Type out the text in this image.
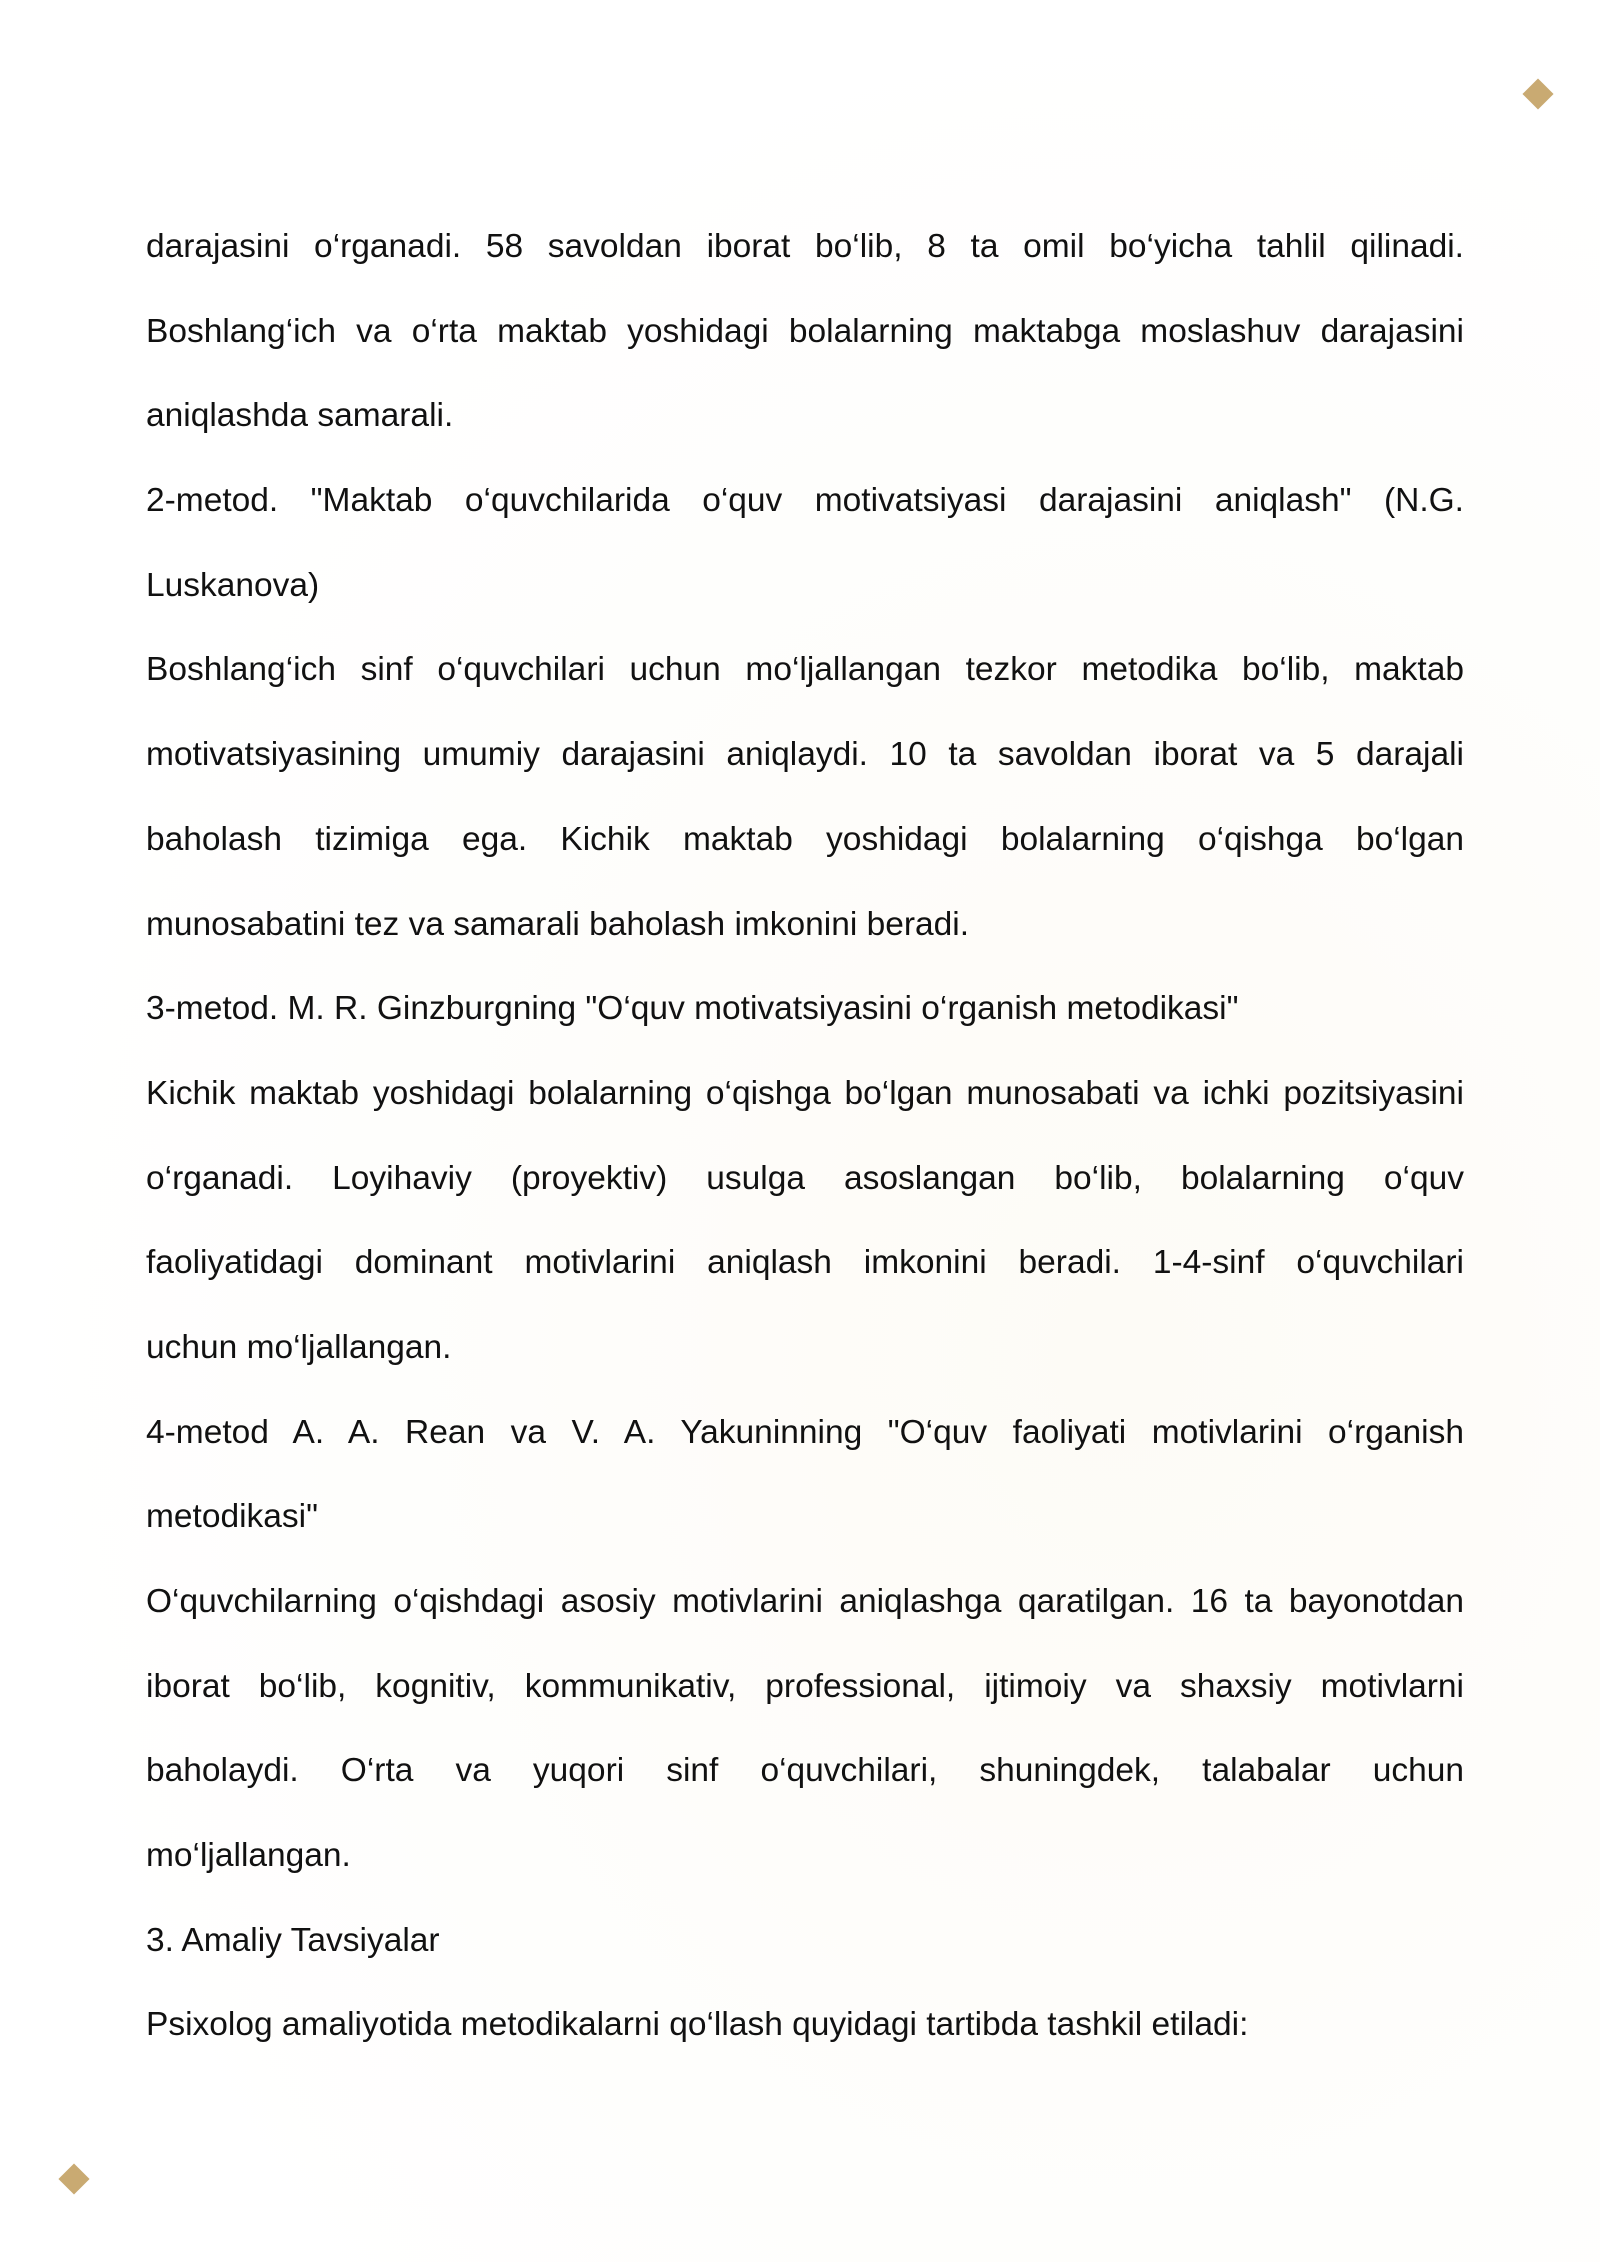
darajasini o‘rganadi. 58 savoldan iborat bo‘lib, 8 ta omil bo‘yicha tahlil qilinadi.
Boshlang‘ich va o‘rta maktab yoshidagi bolalarning maktabga moslashuv darajasini
aniqlashda samarali.
2-metod. "Maktab o‘quvchilarida o‘quv motivatsiyasi darajasini aniqlash" (N.G.
Luskanova)
Boshlang‘ich sinf o‘quvchilari uchun mo‘ljallangan tezkor metodika bo‘lib, maktab
motivatsiyasining umumiy darajasini aniqlaydi. 10 ta savoldan iborat va 5 darajali
baholash tizimiga ega. Kichik maktab yoshidagi bolalarning o‘qishga bo‘lgan
munosabatini tez va samarali baholash imkonini beradi.
3-metod. M. R. Ginzburgning "O‘quv motivatsiyasini o‘rganish metodikasi"
Kichik maktab yoshidagi bolalarning o‘qishga bo‘lgan munosabati va ichki pozitsiyasini
o‘rganadi. Loyihaviy (proyektiv) usulga asoslangan bo‘lib, bolalarning o‘quv
faoliyatidagi dominant motivlarini aniqlash imkonini beradi. 1-4-sinf o‘quvchilari
uchun mo‘ljallangan.
4-metod A. A. Rean va V. A. Yakuninning "O‘quv faoliyati motivlarini o‘rganish
metodikasi"
O‘quvchilarning o‘qishdagi asosiy motivlarini aniqlashga qaratilgan. 16 ta bayonotdan
iborat bo‘lib, kognitiv, kommunikativ, professional, ijtimoiy va shaxsiy motivlarni
baholaydi. O‘rta va yuqori sinf o‘quvchilari, shuningdek, talabalar uchun
mo‘ljallangan.
3. Amaliy Tavsiyalar
Psixolog amaliyotida metodikalarni qo‘llash quyidagi tartibda tashkil etiladi:
